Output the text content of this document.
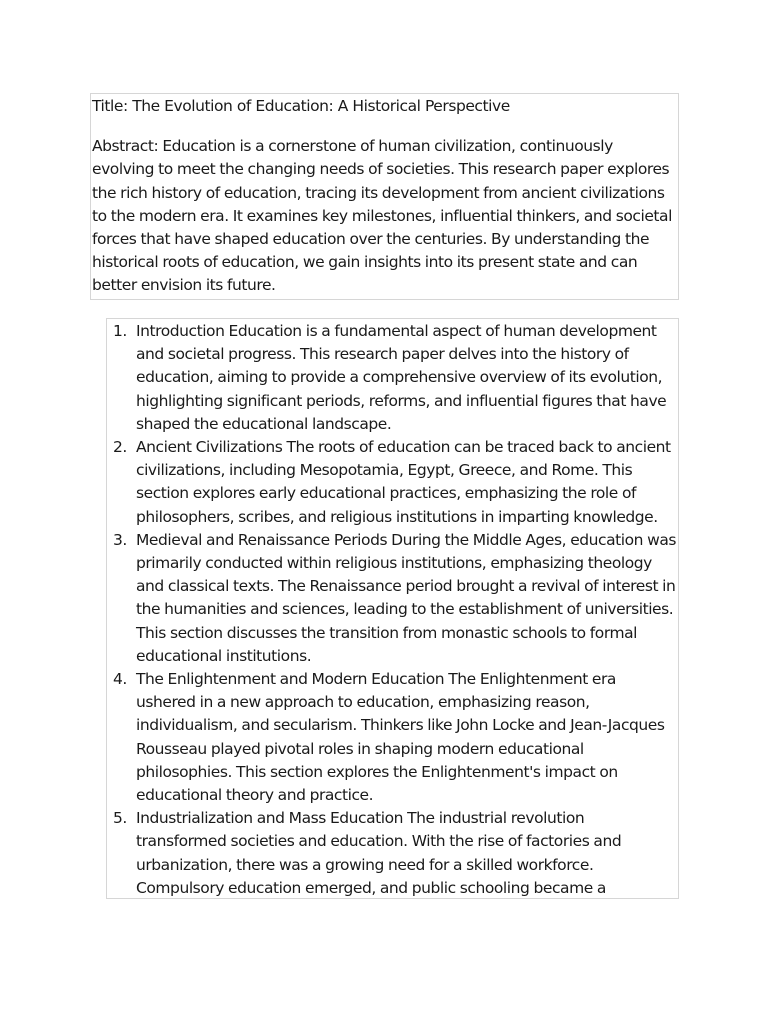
Title: The Evolution of Education: A Historical Perspective

Abstract: Education is a cornerstone of human civilization, continuously evolving to meet the changing needs of societies. This research paper explores the rich history of education, tracing its development from ancient civilizations to the modern era. It examines key milestones, influential thinkers, and societal forces that have shaped education over the centuries. By understanding the historical roots of education, we gain insights into its present state and can better envision its future.

1. Introduction Education is a fundamental aspect of human development and societal progress. This research paper delves into the history of education, aiming to provide a comprehensive overview of its evolution, highlighting significant periods, reforms, and influential figures that have shaped the educational landscape.
2. Ancient Civilizations The roots of education can be traced back to ancient civilizations, including Mesopotamia, Egypt, Greece, and Rome. This section explores early educational practices, emphasizing the role of philosophers, scribes, and religious institutions in imparting knowledge.
3. Medieval and Renaissance Periods During the Middle Ages, education was primarily conducted within religious institutions, emphasizing theology and classical texts. The Renaissance period brought a revival of interest in the humanities and sciences, leading to the establishment of universities. This section discusses the transition from monastic schools to formal educational institutions.
4. The Enlightenment and Modern Education The Enlightenment era ushered in a new approach to education, emphasizing reason, individualism, and secularism. Thinkers like John Locke and Jean-Jacques Rousseau played pivotal roles in shaping modern educational philosophies. This section explores the Enlightenment's impact on educational theory and practice.
5. Industrialization and Mass Education The industrial revolution transformed societies and education. With the rise of factories and urbanization, there was a growing need for a skilled workforce. Compulsory education emerged, and public schooling became a
